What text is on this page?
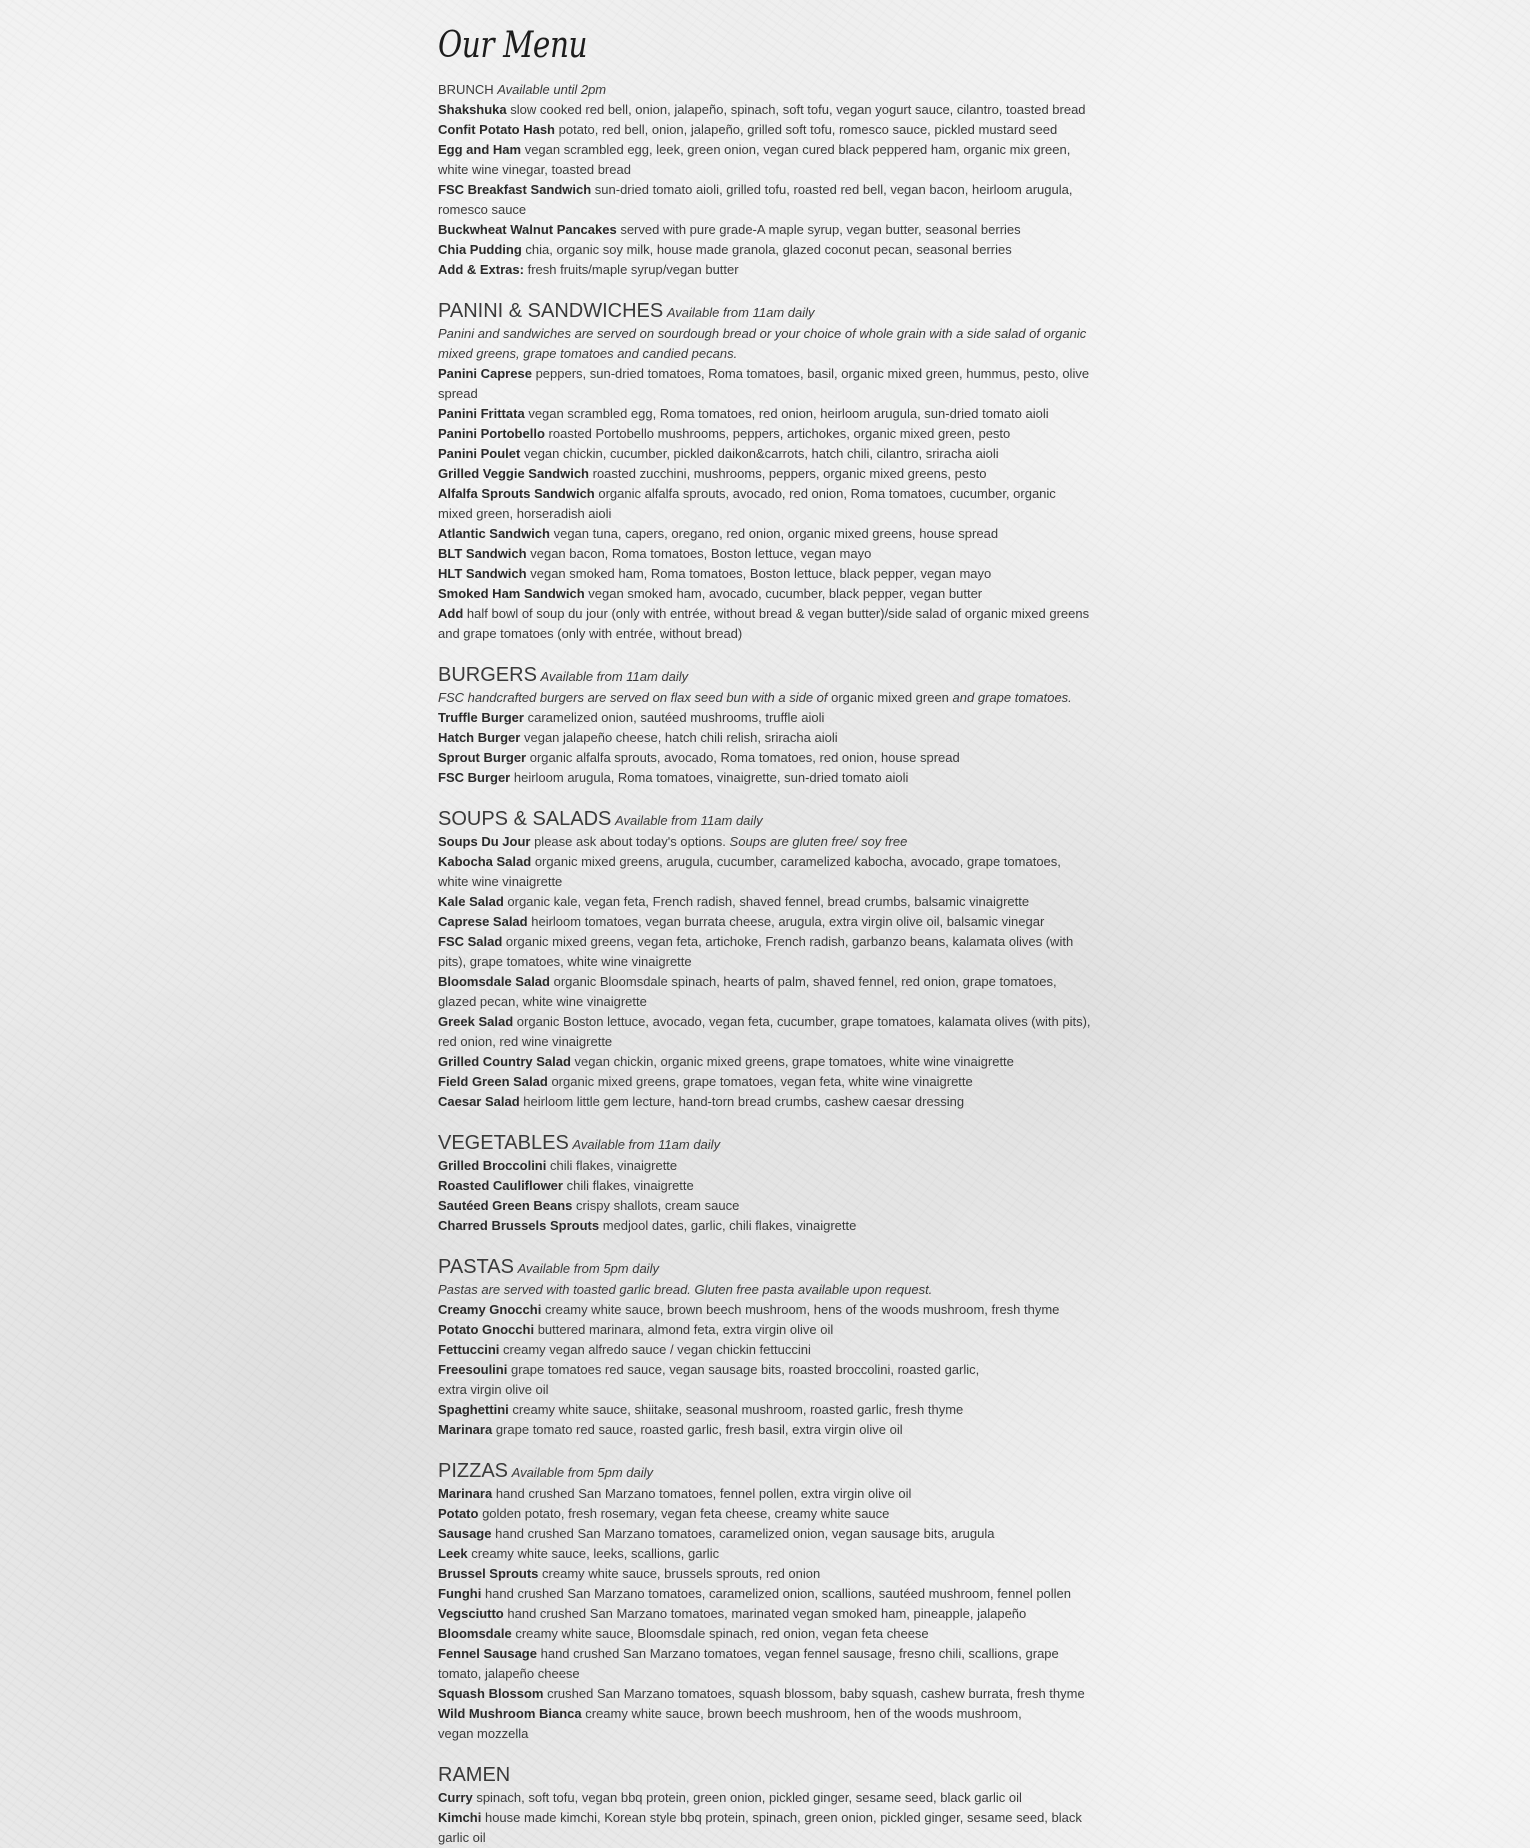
Our Menu
BRUNCH Available until 2pm
Shakshuka slow cooked red bell, onion, jalapeño, spinach, soft tofu, vegan yogurt sauce, cilantro, toasted bread
Confit Potato Hash potato, red bell, onion, jalapeño, grilled soft tofu, romesco sauce, pickled mustard seed
Egg and Ham vegan scrambled egg, leek, green onion, vegan cured black peppered ham, organic mix green, white wine vinegar, toasted bread
FSC Breakfast Sandwich sun-dried tomato aioli, grilled tofu, roasted red bell, vegan bacon, heirloom arugula, romesco sauce
Buckwheat Walnut Pancakes served with pure grade-A maple syrup, vegan butter, seasonal berries
Chia Pudding chia, organic soy milk, house made granola, glazed coconut pecan, seasonal berries
Add & Extras: fresh fruits/maple syrup/vegan butter
PANINI & SANDWICHES Available from 11am daily
Panini and sandwiches are served on sourdough bread or your choice of whole grain with a side salad of organic mixed greens, grape tomatoes and candied pecans.
Panini Caprese peppers, sun-dried tomatoes, Roma tomatoes, basil, organic mixed green, hummus, pesto, olive spread
Panini Frittata vegan scrambled egg, Roma tomatoes, red onion, heirloom arugula, sun-dried tomato aioli
Panini Portobello roasted Portobello mushrooms, peppers, artichokes, organic mixed green, pesto
Panini Poulet vegan chickin, cucumber, pickled daikon&carrots, hatch chili, cilantro, sriracha aioli
Grilled Veggie Sandwich roasted zucchini, mushrooms, peppers, organic mixed greens, pesto
Alfalfa Sprouts Sandwich organic alfalfa sprouts, avocado, red onion, Roma tomatoes, cucumber, organic mixed green, horseradish aioli
Atlantic Sandwich vegan tuna, capers, oregano, red onion, organic mixed greens, house spread
BLT Sandwich vegan bacon, Roma tomatoes, Boston lettuce, vegan mayo
HLT Sandwich vegan smoked ham, Roma tomatoes, Boston lettuce, black pepper, vegan mayo
Smoked Ham Sandwich vegan smoked ham, avocado, cucumber, black pepper, vegan butter
Add half bowl of soup du jour (only with entrée, without bread & vegan butter)/side salad of organic mixed greens and grape tomatoes (only with entrée, without bread)
BURGERS Available from 11am daily
FSC handcrafted burgers are served on flax seed bun with a side of organic mixed green and grape tomatoes.
Truffle Burger caramelized onion, sautéed mushrooms, truffle aioli
Hatch Burger vegan jalapeño cheese, hatch chili relish, sriracha aioli
Sprout Burger organic alfalfa sprouts, avocado, Roma tomatoes, red onion, house spread
FSC Burger heirloom arugula, Roma tomatoes, vinaigrette, sun-dried tomato aioli
SOUPS & SALADS Available from 11am daily
Soups Du Jour please ask about today's options. Soups are gluten free/ soy free
Kabocha Salad organic mixed greens, arugula, cucumber, caramelized kabocha, avocado, grape tomatoes, white wine vinaigrette
Kale Salad organic kale, vegan feta, French radish, shaved fennel, bread crumbs, balsamic vinaigrette
Caprese Salad heirloom tomatoes, vegan burrata cheese, arugula, extra virgin olive oil, balsamic vinegar
FSC Salad organic mixed greens, vegan feta, artichoke, French radish, garbanzo beans, kalamata olives (with pits), grape tomatoes, white wine vinaigrette
Bloomsdale Salad organic Bloomsdale spinach, hearts of palm, shaved fennel, red onion, grape tomatoes, glazed pecan, white wine vinaigrette
Greek Salad organic Boston lettuce, avocado, vegan feta, cucumber, grape tomatoes, kalamata olives (with pits), red onion, red wine vinaigrette
Grilled Country Salad vegan chickin, organic mixed greens, grape tomatoes, white wine vinaigrette
Field Green Salad organic mixed greens, grape tomatoes, vegan feta, white wine vinaigrette
Caesar Salad heirloom little gem lecture, hand-torn bread crumbs, cashew caesar dressing
VEGETABLES Available from 11am daily
Grilled Broccolini chili flakes, vinaigrette
Roasted Cauliflower chili flakes, vinaigrette
Sautéed Green Beans crispy shallots, cream sauce
Charred Brussels Sprouts medjool dates, garlic, chili flakes, vinaigrette
PASTAS Available from 5pm daily
Pastas are served with toasted garlic bread. Gluten free pasta available upon request.
Creamy Gnocchi creamy white sauce, brown beech mushroom, hens of the woods mushroom, fresh thyme
Potato Gnocchi buttered marinara, almond feta, extra virgin olive oil
Fettuccini creamy vegan alfredo sauce / vegan chickin fettuccini
Freesoulini grape tomatoes red sauce, vegan sausage bits, roasted broccolini, roasted garlic,
extra virgin olive oil
Spaghettini creamy white sauce, shiitake, seasonal mushroom, roasted garlic, fresh thyme
Marinara grape tomato red sauce, roasted garlic, fresh basil, extra virgin olive oil
PIZZAS Available from 5pm daily
Marinara hand crushed San Marzano tomatoes, fennel pollen, extra virgin olive oil
Potato golden potato, fresh rosemary, vegan feta cheese, creamy white sauce
Sausage hand crushed San Marzano tomatoes, caramelized onion, vegan sausage bits, arugula
Leek creamy white sauce, leeks, scallions, garlic
Brussel Sprouts creamy white sauce, brussels sprouts, red onion
Funghi hand crushed San Marzano tomatoes, caramelized onion, scallions, sautéed mushroom, fennel pollen
Vegsciutto hand crushed San Marzano tomatoes, marinated vegan smoked ham, pineapple, jalapeño
Bloomsdale creamy white sauce, Bloomsdale spinach, red onion, vegan feta cheese
Fennel Sausage hand crushed San Marzano tomatoes, vegan fennel sausage, fresno chili, scallions, grape tomato, jalapeño cheese
Squash Blossom crushed San Marzano tomatoes, squash blossom, baby squash, cashew burrata, fresh thyme
Wild Mushroom Bianca creamy white sauce, brown beech mushroom, hen of the woods mushroom,
vegan mozzella
RAMEN
Curry spinach, soft tofu, vegan bbq protein, green onion, pickled ginger, sesame seed, black garlic oil
Kimchi house made kimchi, Korean style bbq protein, spinach, green onion, pickled ginger, sesame seed, black garlic oil
